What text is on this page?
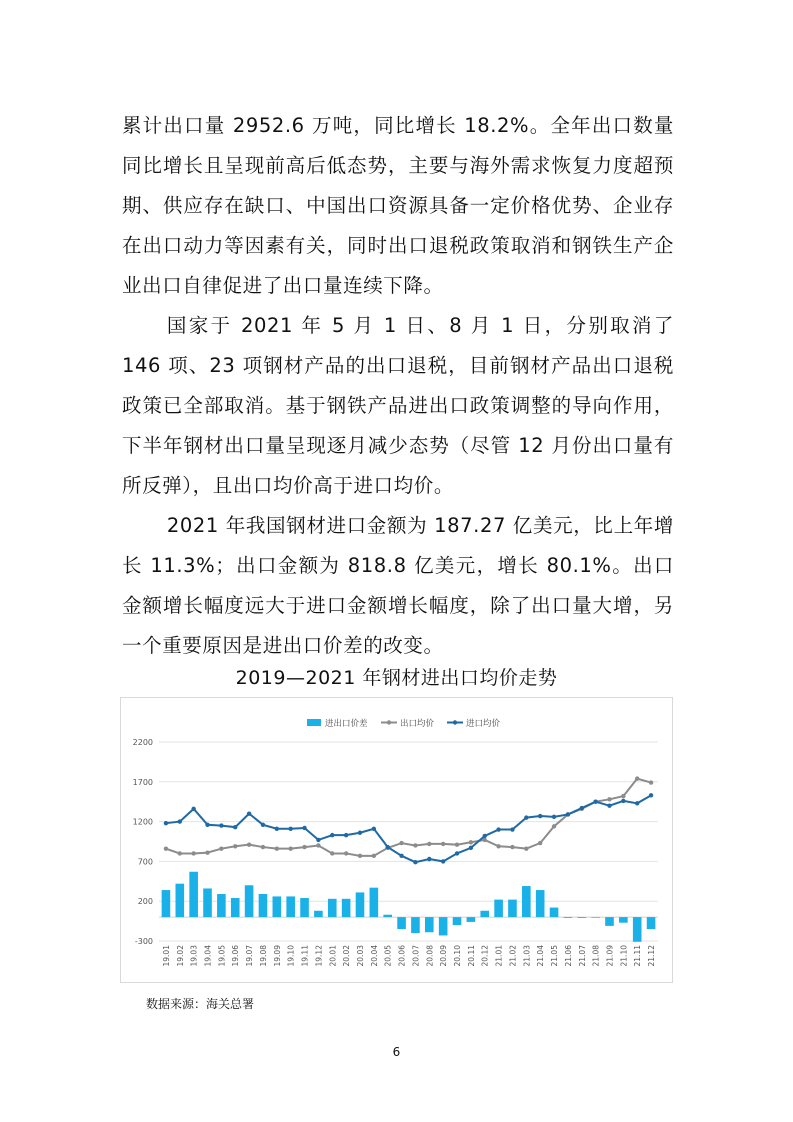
累计出口量 2952.6 万吨，同比增长 18.2%。全年出口数量同比增长且呈现前高后低态势，主要与海外需求恢复力度超预期、供应存在缺口、中国出口资源具备一定价格优势、企业存在出口动力等因素有关，同时出口退税政策取消和钢铁生产企业出口自律促进了出口量连续下降。

国家于 2021 年 5 月 1 日、8 月 1 日，分别取消了 146 项、23 项钢材产品的出口退税，目前钢材产品出口退税政策已全部取消。基于钢铁产品进出口政策调整的导向作用，下半年钢材出口量呈现逐月减少态势（尽管 12 月份出口量有所反弹），且出口均价高于进口均价。

2021 年我国钢材进口金额为 187.27 亿美元，比上年增长 11.3%；出口金额为 818.8 亿美元，增长 80.1%。出口金额增长幅度远大于进口金额增长幅度，除了出口量大增，另一个重要原因是进出口价差的改变。

2019—2021 年钢材进出口均价走势
-300
200
700
1200
1700
2200
19.01 19.02 19.03 19.04 19.05 19.06 19.07 19.08 19.09 19.10 19.11 19.12 20.01 20.02 20.03 20.04 20.05 20.06 20.07 20.08 20.09 20.10 20.11 20.12 21.01 21.02 21.03 21.04 21.05 21.06 21.07 21.08 21.09 21.10 21.11 21.12
进出口价差	出口均价	进口均价
数据来源：海关总署
6
